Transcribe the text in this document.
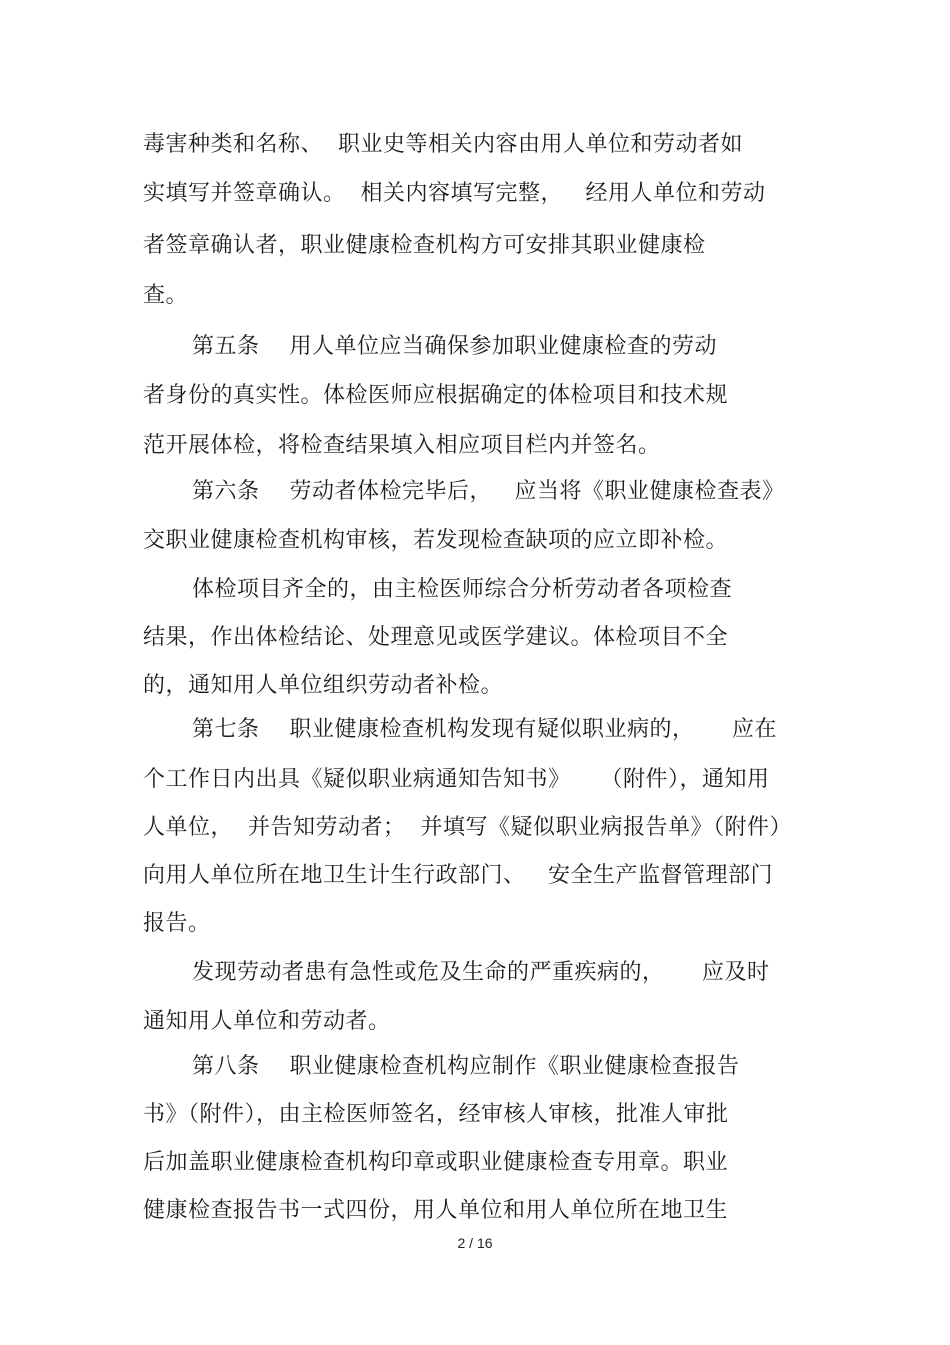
毒害种类和名称、  职业史等相关内容由用人单位和劳动者如
实填写并签章确认。  相关内容填写完整，   经用人单位和劳动
者签章确认者，职业健康检查机构方可安排其职业健康检
查。
第五条    用人单位应当确保参加职业健康检查的劳动
者身份的真实性。体检医师应根据确定的体检项目和技术规
范开展体检，将检查结果填入相应项目栏内并签名。
第六条    劳动者体检完毕后，   应当将《职业健康检查表》
交职业健康检查机构审核，若发现检查缺项的应立即补检。
体检项目齐全的，由主检医师综合分析劳动者各项检查
结果，作出体检结论、处理意见或医学建议。体检项目不全
的，通知用人单位组织劳动者补检。
第七条    职业健康检查机构发现有疑似职业病的，     应在
个工作日内出具《疑似职业病通知告知书》    （附件），通知用
人单位，  并告知劳动者；  并填写《疑似职业病报告单》（附件）
向用人单位所在地卫生计生行政部门、   安全生产监督管理部门
报告。
发现劳动者患有急性或危及生命的严重疾病的，     应及时
通知用人单位和劳动者。
第八条    职业健康检查机构应制作《职业健康检查报告
书》（附件），由主检医师签名，经审核人审核，批准人审批
后加盖职业健康检查机构印章或职业健康检查专用章。职业
健康检查报告书一式四份，用人单位和用人单位所在地卫生
2 / 16
